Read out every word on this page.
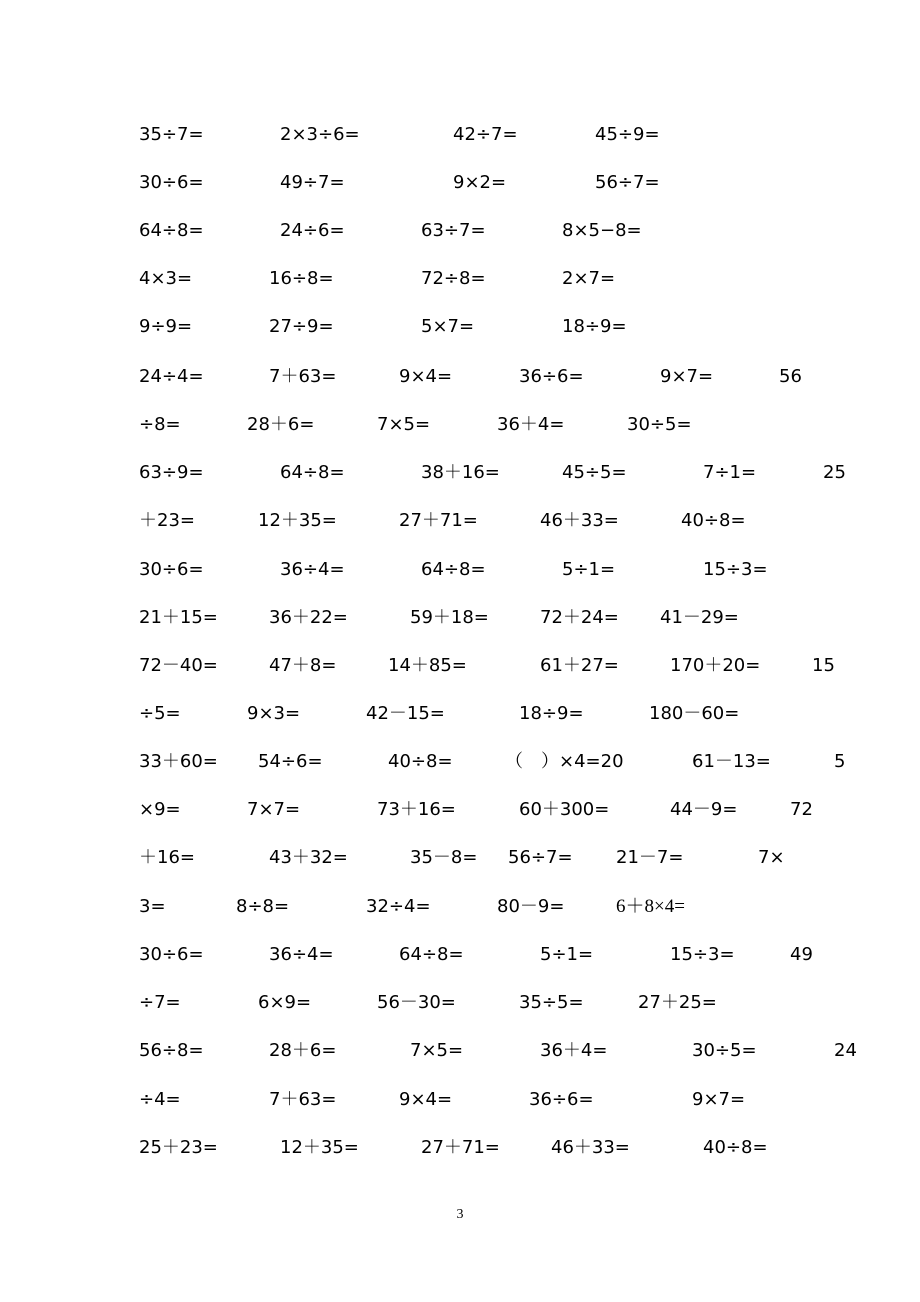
35÷7=	2×3÷6=	42÷7=	45÷9=
30÷6=	49÷7=	9×2=	56÷7=
64÷8=	24÷6=	63÷7=	8×5−8=
4×3=	16÷8=	72÷8=	2×7=
9÷9=	27÷9=	5×7=	18÷9=
24÷4=	7＋63=	9×4=	36÷6=	9×7=	56
÷8=	28＋6=	7×5=	36＋4=	30÷5=
63÷9=	64÷8=	38＋16=	45÷5=	7÷1=	25
＋23=	12＋35=	27＋71=	46＋33=	40÷8=
30÷6=	36÷4=	64÷8=	5÷1=	15÷3=
21＋15=	36＋22=	59＋18=	72＋24= 41－29=
72－40=	47＋8=	14＋85=	61＋27=	170＋20=	15
÷5=	9×3=	42－15=	18÷9=	180－60=
33＋60= 54÷6=	40÷8=	（　）×4=20	61－13=	5
×9=	7×7=	73＋16=	60＋300=	44－9=	72
＋16=	43＋32=	35－8= 56÷7= 21－7=	7×
3=	8÷8=	32÷4=	80－9=	6＋8×4=
30÷6=	36÷4=	64÷8=	5÷1=	15÷3=	49
÷7=	6×9=	56－30=	35÷5=	27＋25=
56÷8=	28＋6=	7×5=	36＋4=	30÷5=	24
÷4=	7＋63=	9×4=	36÷6=	9×7=
25＋23=	12＋35=	27＋71=	46＋33=	40÷8=
3
